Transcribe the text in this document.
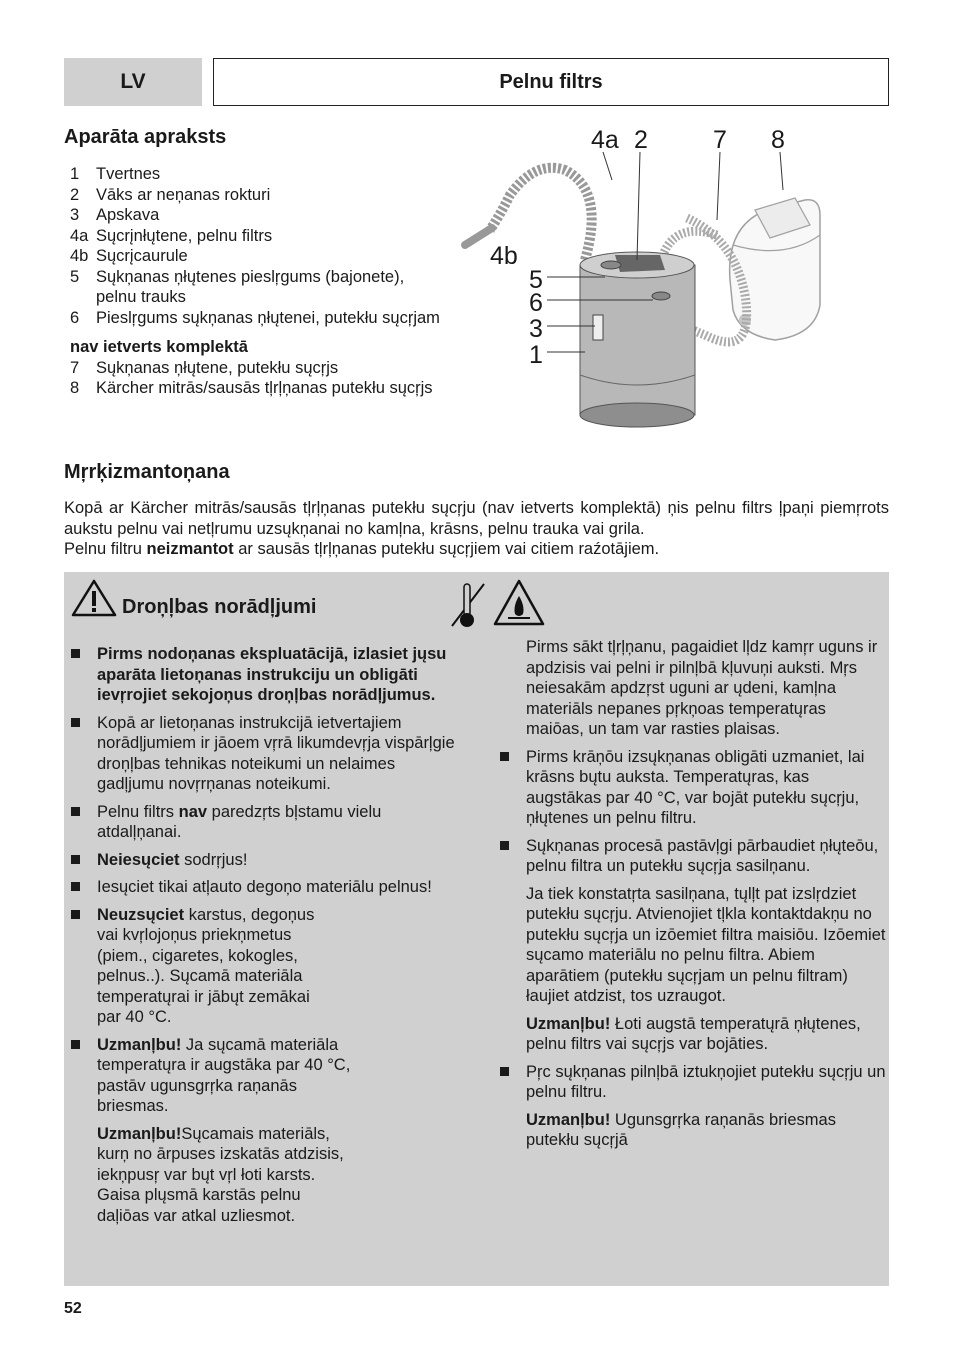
LV	Pelnu filtrs
Aparāta apraksts
1	Tvertnes
2	Vāks ar neņanas rokturi
3	Apskava
4a Sųcrįnłųtene, pelnu filtrs
4b Sųcrįcaurule
5	Sųkņanas ņłųtenes pieslŗgums (bajonete), pelnu trauks
6	Pieslŗgums sųkņanas ņłųtenei, putekłu sųcŗjam
nav ietverts komplektā
7	Sųkņanas ņłųtene, putekłu sųcŗjs
8	Kärcher mitrās/sausās tļrļņanas putekłu sųcŗjs
4a 2	7 8
4b
5
6
3
1
Mŗrķizmantoņana
Kopā ar Kärcher mitrās/sausās tļrļņanas putekłu sųcŗju (nav ietverts komplektā) ņis pelnu filtrs ļpaņi piemŗrots aukstu pelnu vai netļrumu uzsųkņanai no kamļna, krāsns, pelnu trauka vai grila.
Pelnu filtru neizmantot ar sausās tļrļņanas putekłu sųcŗjiem vai citiem raźotājiem.
Droņļbas norādļjumi
Pirms nodoņanas ekspluatācijā, izlasiet jųsu aparāta lietoņanas instrukciju un obligāti ievŗrojiet sekojoņus droņļbas norādļjumus.
Kopā ar lietoņanas instrukcijā ietvertajiem norādļjumiem ir jāoem vŗrā likumdevŗja vispārļgie droņļbas tehnikas noteikumi un nelaimes gadļjumu novŗrņanas noteikumi.
Pelnu filtrs nav paredzŗts bļstamu vielu atdalļņanai.
Neiesųciet sodrŗjus!
Iesųciet tikai atļauto degoņo materiālu pelnus!
Neuzsųciet karstus, degoņus vai kvŗlojoņus priekņmetus (piem., cigaretes, kokogles, pelnus..). Sųcamā materiāla temperatųrai ir jābųt zemākai par 40 °C.
Uzmanļbu! Ja sųcamā materiāla temperatųra ir augstāka par 40 °C, pastāv ugunsgrŗka raņanās briesmas.
Uzmanļbu!Sųcamais materiāls, kurņ no ārpuses izskatās atdzisis, iekņpusŗ var bųt vŗl łoti karsts. Gaisa plųsmā karstās pelnu daļiōas var atkal uzliesmot.
Pirms sākt tļrļņanu, pagaidiet lļdz kamŗr uguns ir apdzisis vai pelni ir pilnļbā kļuvuņi auksti. Mŗs neiesakām apdzŗst uguni ar ųdeni, kamļna materiāls nepanes pŗkņoas temperatųras maiōas, un tam var rasties plaisas.
Pirms krāņōu izsųkņanas obligāti uzmaniet, lai krāsns bųtu auksta. Temperatųras, kas augstākas par 40 °C, var bojāt putekłu sųcŗju, ņłųtenes un pelnu filtru.
Sųkņanas procesā pastāvļgi pārbaudiet ņłųteōu, pelnu filtra un putekłu sųcŗja sasilņanu.
Ja tiek konstatŗta sasilņana, tųlļt pat izslŗdziet putekłu sųcŗju. Atvienojiet tļkla kontaktdakņu no putekłu sųcŗja un izōemiet filtra maisiōu. Izōemiet sųcamo materiālu no pelnu filtra. Abiem aparātiem (putekłu sųcŗjam un pelnu filtram) łaujiet atdzist, tos uzraugot.
Uzmanļbu! Łoti augstā temperatųrā ņłųtenes, pelnu filtrs vai sųcŗjs var bojāties.
Pŗc sųkņanas pilnļbā iztukņojiet putekłu sųcŗju un pelnu filtru.
Uzmanļbu! Ugunsgrŗka raņanās briesmas putekłu sųcŗjā
52
